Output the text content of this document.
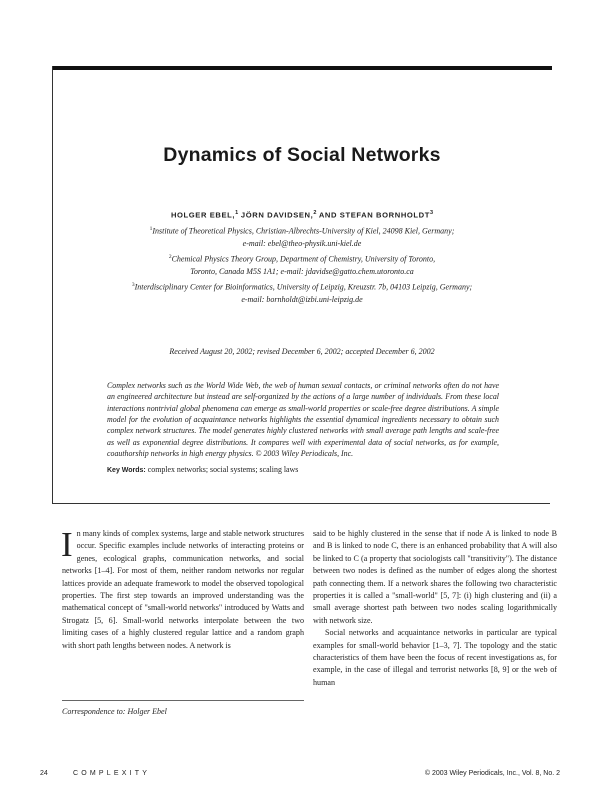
Dynamics of Social Networks
HOLGER EBEL,$^1$ JÖRN DAVIDSEN,$^2$ AND STEFAN BORNHOLDT$^3$
$^1$Institute of Theoretical Physics, Christian-Albrechts-University of Kiel, 24098 Kiel, Germany;
e-mail: ebel@theo-physik.uni-kiel.de
$^2$Chemical Physics Theory Group, Department of Chemistry, University of Toronto,
Toronto, Canada M5S 1A1; e-mail: jdavidse@gatto.chem.utoronto.ca
$^3$Interdisciplinary Center for Bioinformatics, University of Leipzig, Kreuzstr. 7b, 04103 Leipzig, Germany;
e-mail: bornholdt@izbi.uni-leipzig.de
Received August 20, 2002; revised December 6, 2002; accepted December 6, 2002
Complex networks such as the World Wide Web, the web of human sexual contacts, or criminal networks often do not have an engineered architecture but instead are self-organized by the actions of a large number of individuals. From these local interactions nontrivial global phenomena can emerge as small-world properties or scale-free degree distributions. A simple model for the evolution of acquaintance networks highlights the essential dynamical ingredients necessary to obtain such complex network structures. The model generates highly clustered networks with small average path lengths and scale-free as well as exponential degree distributions. It compares well with experimental data of social networks, as for example, coauthorship networks in high energy physics. © 2003 Wiley Periodicals, Inc.
Key Words: complex networks; social systems; scaling laws

In many kinds of complex systems, large and stable network structures occur. Specific examples include networks of interacting proteins or genes, ecological graphs, communication networks, and social networks [1–4]. For most of them, neither random networks nor regular lattices provide an adequate framework to model the observed topological properties. The first step towards an improved understanding was the mathematical concept of "small-world networks" introduced by Watts and Strogatz [5, 6]. Small-world networks interpolate between the two limiting cases of a highly clustered regular lattice and a random graph with short path lengths between nodes. A network is

said to be highly clustered in the sense that if node A is linked to node B and B is linked to node C, there is an enhanced probability that A will also be linked to C (a property that sociologists call "transitivity"). The distance between two nodes is defined as the number of edges along the shortest path connecting them. If a network shares the following two characteristic properties it is called a "small-world" [5, 7]: (i) high clustering and (ii) a small average shortest path between two nodes scaling logarithmically with network size.

Social networks and acquaintance networks in particular are typical examples for small-world behavior [1–3, 7]. The topology and the static characteristics of them have been the focus of recent investigations as, for example, in the case of illegal and terrorist networks [8, 9] or the web of human

Correspondence to: Holger Ebel
24	COMPLEXITY	© 2003 Wiley Periodicals, Inc., Vol. 8, No. 2
